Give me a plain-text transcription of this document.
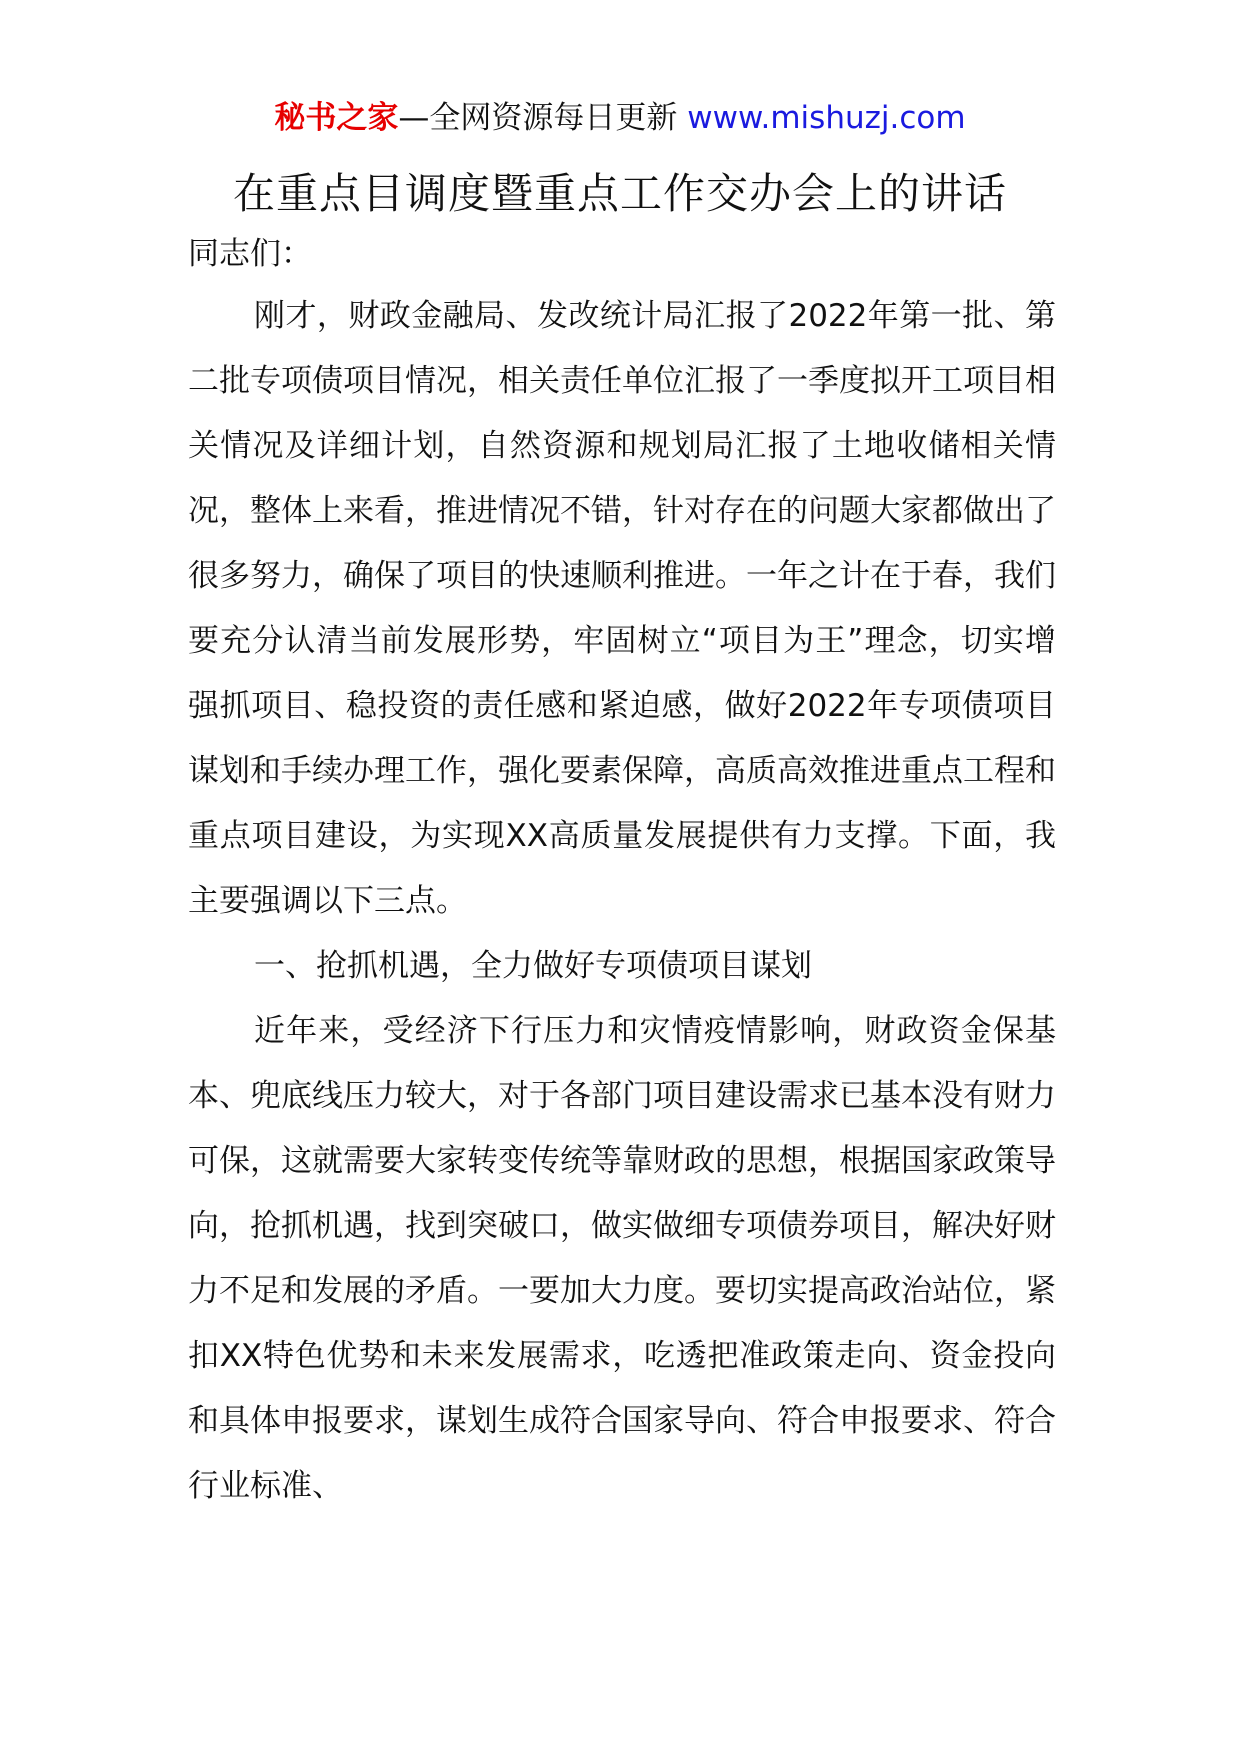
秘书之家—全网资源每日更新 www.mishuzj.com
在重点目调度暨重点工作交办会上的讲话

同志们：

刚才，财政金融局、发改统计局汇报了2022年第一批、第二批专项债项目情况，相关责任单位汇报了一季度拟开工项目相关情况及详细计划，自然资源和规划局汇报了土地收储相关情况，整体上来看，推进情况不错，针对存在的问题大家都做出了很多努力，确保了项目的快速顺利推进。一年之计在于春，我们要充分认清当前发展形势，牢固树立“项目为王”理念，切实增强抓项目、稳投资的责任感和紧迫感，做好2022年专项债项目谋划和手续办理工作，强化要素保障，高质高效推进重点工程和重点项目建设，为实现XX高质量发展提供有力支撑。下面，我主要强调以下三点。

一、抢抓机遇，全力做好专项债项目谋划

近年来，受经济下行压力和灾情疫情影响，财政资金保基本、兜底线压力较大，对于各部门项目建设需求已基本没有财力可保，这就需要大家转变传统等靠财政的思想，根据国家政策导向，抢抓机遇，找到突破口，做实做细专项债券项目，解决好财力不足和发展的矛盾。一要加大力度。要切实提高政治站位，紧扣XX特色优势和未来发展需求，吃透把准政策走向、资金投向和具体申报要求，谋划生成符合国家导向、符合申报要求、符合行业标准、
